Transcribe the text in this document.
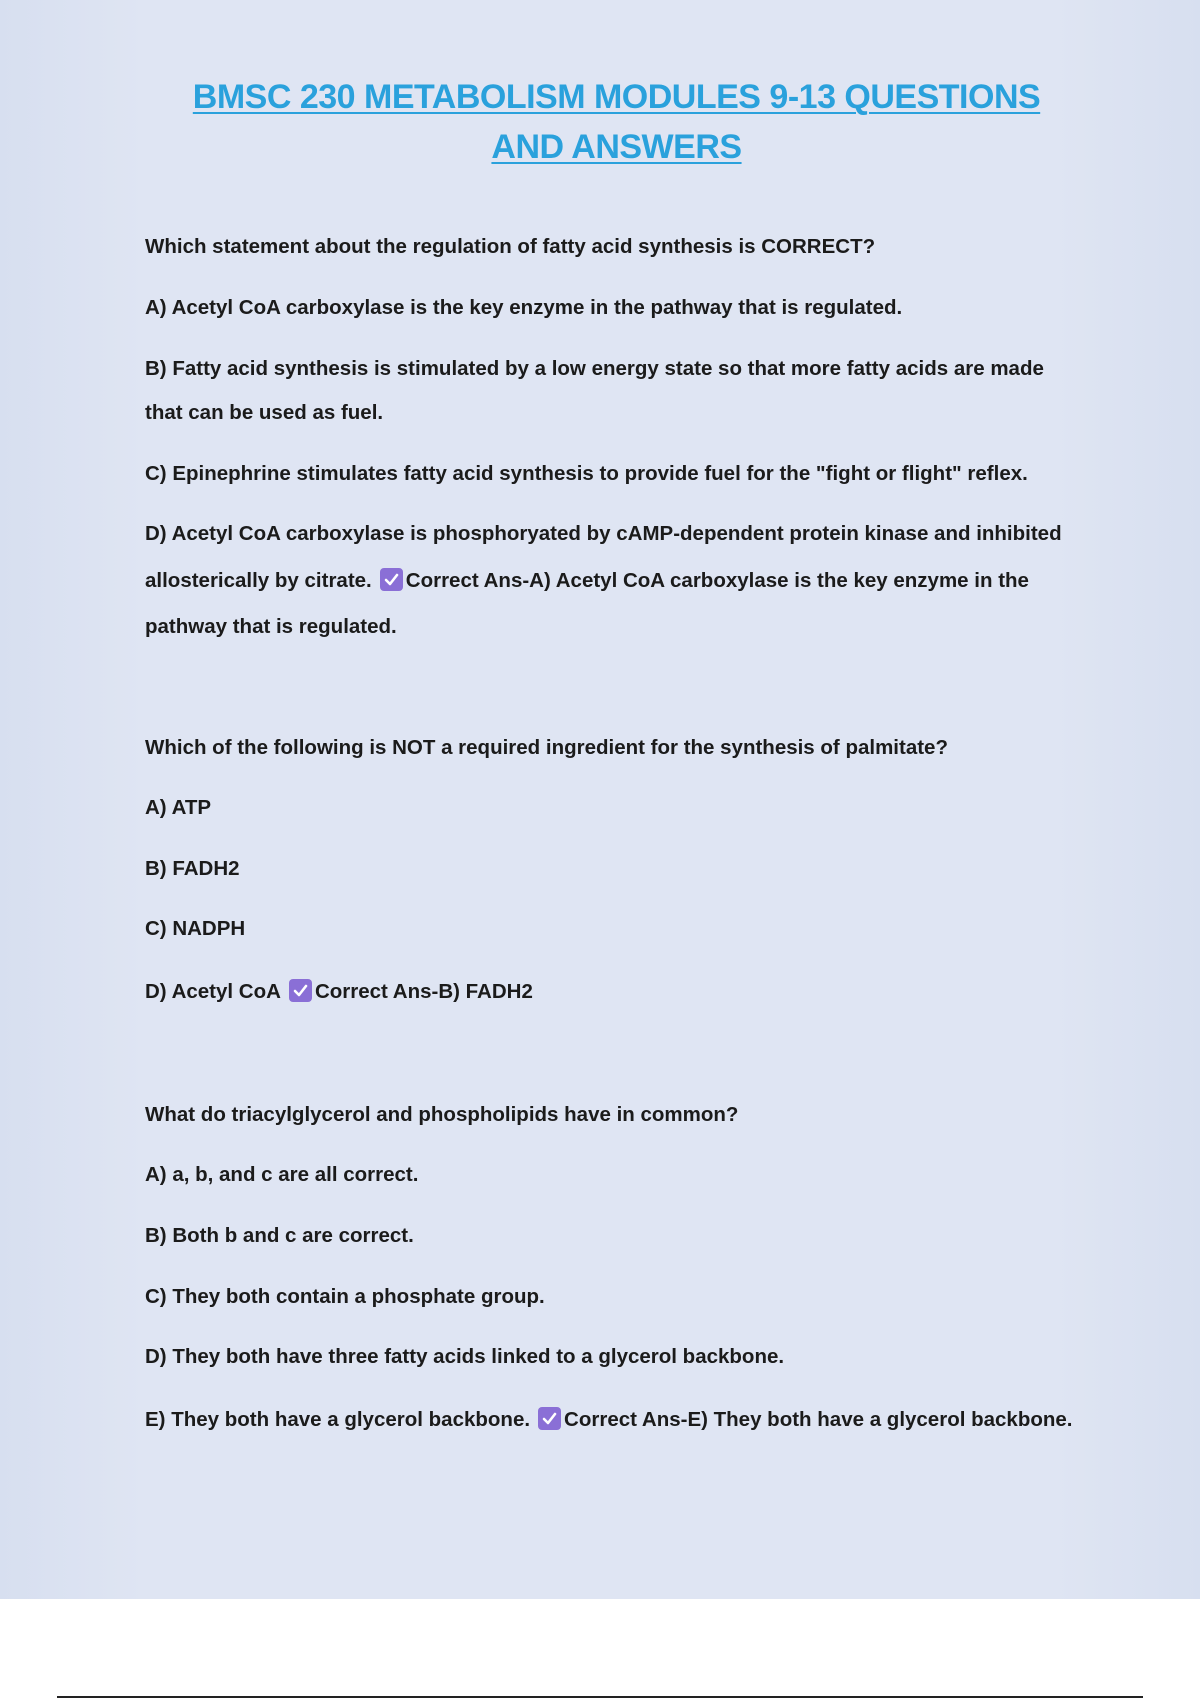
BMSC 230 METABOLISM MODULES 9-13 QUESTIONS
AND ANSWERS

Which statement about the regulation of fatty acid synthesis is CORRECT?

A) Acetyl CoA carboxylase is the key enzyme in the pathway that is regulated.

B) Fatty acid synthesis is stimulated by a low energy state so that more fatty acids are made

that can be used as fuel.

C) Epinephrine stimulates fatty acid synthesis to provide fuel for the "fight or flight" reflex.

D) Acetyl CoA carboxylase is phosphoryated by cAMP-dependent protein kinase and inhibited

allosterically by citrate. Correct Ans-A) Acetyl CoA carboxylase is the key enzyme in the

pathway that is regulated.

Which of the following is NOT a required ingredient for the synthesis of palmitate?

A) ATP

B) FADH2

C) NADPH

D) Acetyl CoA Correct Ans-B) FADH2

What do triacylglycerol and phospholipids have in common?

A) a, b, and c are all correct.

B) Both b and c are correct.

C) They both contain a phosphate group.

D) They both have three fatty acids linked to a glycerol backbone.

E) They both have a glycerol backbone. Correct Ans-E) They both have a glycerol backbone.
